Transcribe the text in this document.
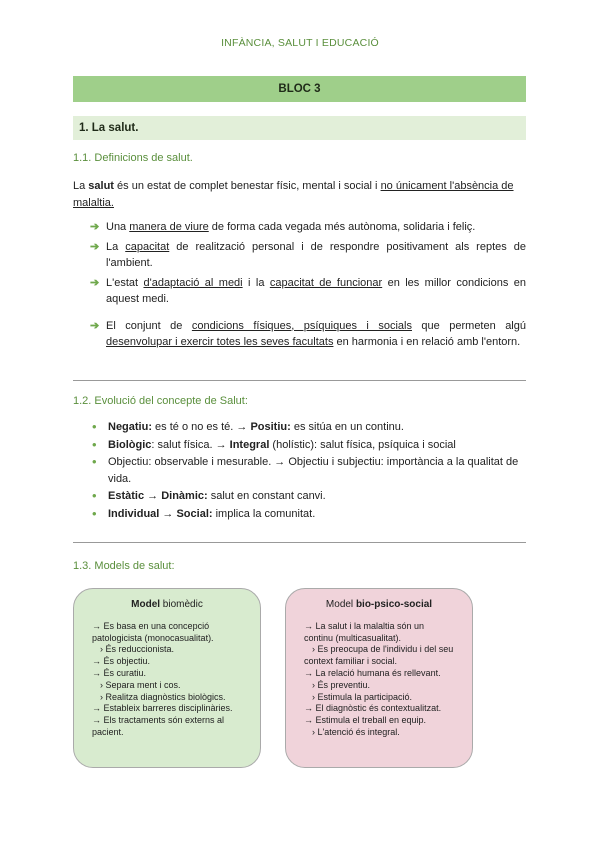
INFÀNCIA, SALUT I EDUCACIÓ
BLOC 3
1. La salut.
1.1. Definicions de salut.
La salut és un estat de complet benestar físic, mental i social i no únicament l'absència de malaltia.
➔ Una manera de viure de forma cada vegada més autònoma, solidaria i feliç.
➔ La capacitat de realització personal i de respondre positivament als reptes de l'ambient.
➔ L'estat d'adaptació al medi i la capacitat de funcionar en les millor condicions en aquest medi.
➔ El conjunt de condicions físiques, psíquiques i socials que permeten algú desenvolupar i exercir totes les seves facultats en harmonia i en relació amb l'entorn.
1.2. Evolució del concepte de Salut:
• Negatiu: es té o no es té. → Positiu: es sitúa en un continu.
• Biològic: salut física. → Integral (holístic): salut física, psíquica i social
• Objectiu: observable i mesurable. → Objectiu i subjectiu: importància a la qualitat de vida.
• Estàtic → Dinàmic: salut en constant canvi.
• Individual → Social: implica la comunitat.
1.3. Models de salut:
Model biomèdic
→ Es basa en una concepció
patologicista (monocasualitat).
› És reduccionista.
→ És objectiu.
→ És curatiu.
› Separa ment i cos.
› Realitza diagnòstics biològics.
→ Estableix barreres disciplinàries.
→ Els tractaments són externs al
pacient.
Model bio-psico-social
→ La salut i la malaltia són un
continu (multicasualitat).
› Es preocupa de l'individu i del seu
context familiar i social.
→ La relació humana és rellevant.
› És preventiu.
› Estimula la participació.
→ El diagnòstic és contextualitzat.
→ Estimula el treball en equip.
› L'atenció és integral.
